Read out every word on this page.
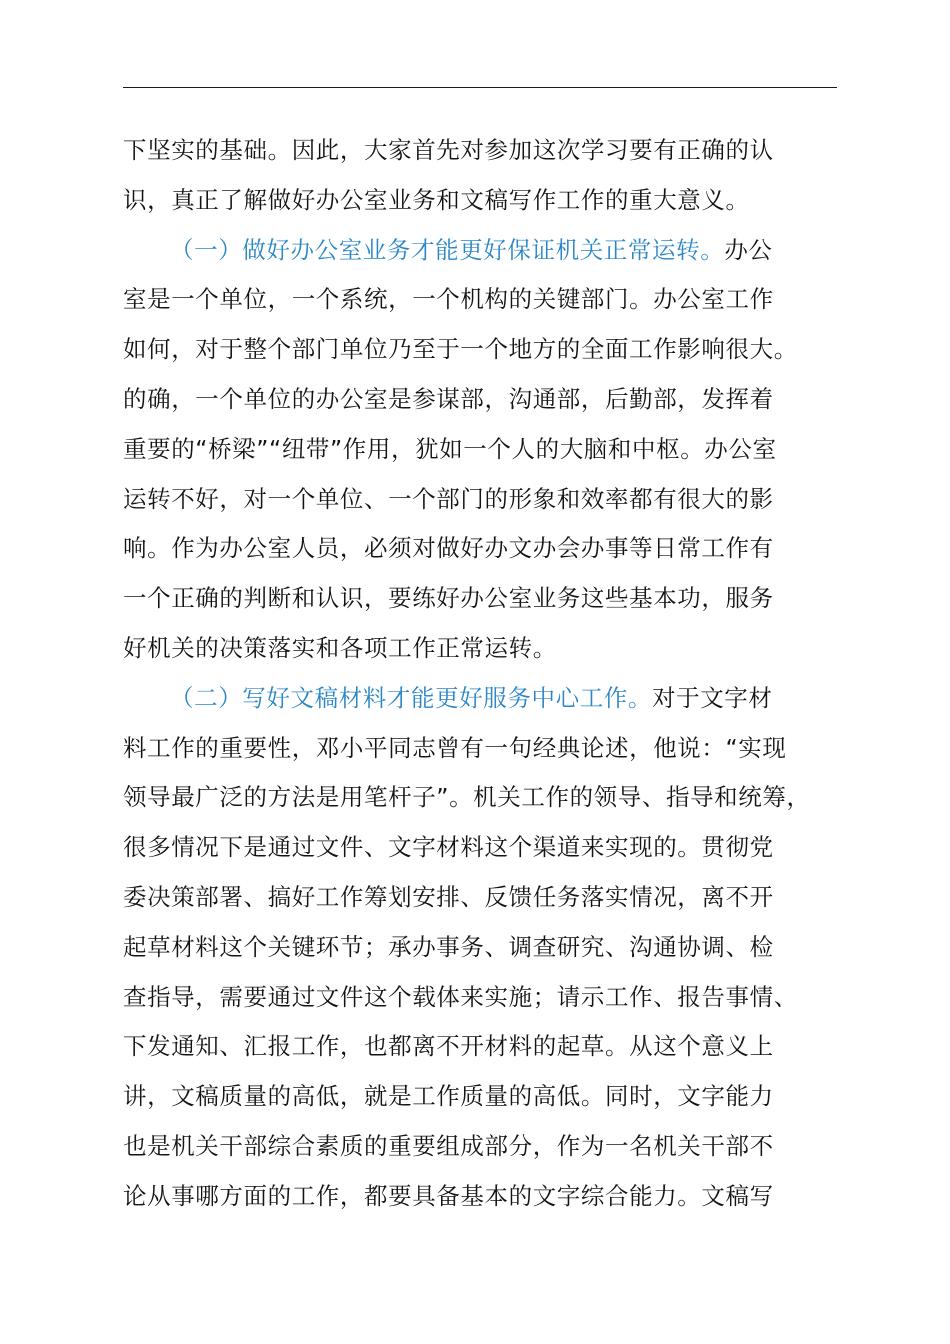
下坚实的基础。因此，大家首先对参加这次学习要有正确的认
识，真正了解做好办公室业务和文稿写作工作的重大意义。

（一）做好办公室业务才能更好保证机关正常运转。办公
室是一个单位，一个系统，一个机构的关键部门。办公室工作
如何，对于整个部门单位乃至于一个地方的全面工作影响很大。
的确，一个单位的办公室是参谋部，沟通部，后勤部，发挥着
重要的“桥梁”“纽带”作用，犹如一个人的大脑和中枢。办公室
运转不好，对一个单位、一个部门的形象和效率都有很大的影
响。作为办公室人员，必须对做好办文办会办事等日常工作有
一个正确的判断和认识，要练好办公室业务这些基本功，服务
好机关的决策落实和各项工作正常运转。

（二）写好文稿材料才能更好服务中心工作。对于文字材
料工作的重要性，邓小平同志曾有一句经典论述，他说：“实现
领导最广泛的方法是用笔杆子”。机关工作的领导、指导和统筹，
很多情况下是通过文件、文字材料这个渠道来实现的。贯彻党
委决策部署、搞好工作筹划安排、反馈任务落实情况，离不开
起草材料这个关键环节；承办事务、调查研究、沟通协调、检
查指导，需要通过文件这个载体来实施；请示工作、报告事情、
下发通知、汇报工作，也都离不开材料的起草。从这个意义上
讲，文稿质量的高低，就是工作质量的高低。同时，文字能力
也是机关干部综合素质的重要组成部分，作为一名机关干部不
论从事哪方面的工作，都要具备基本的文字综合能力。文稿写
